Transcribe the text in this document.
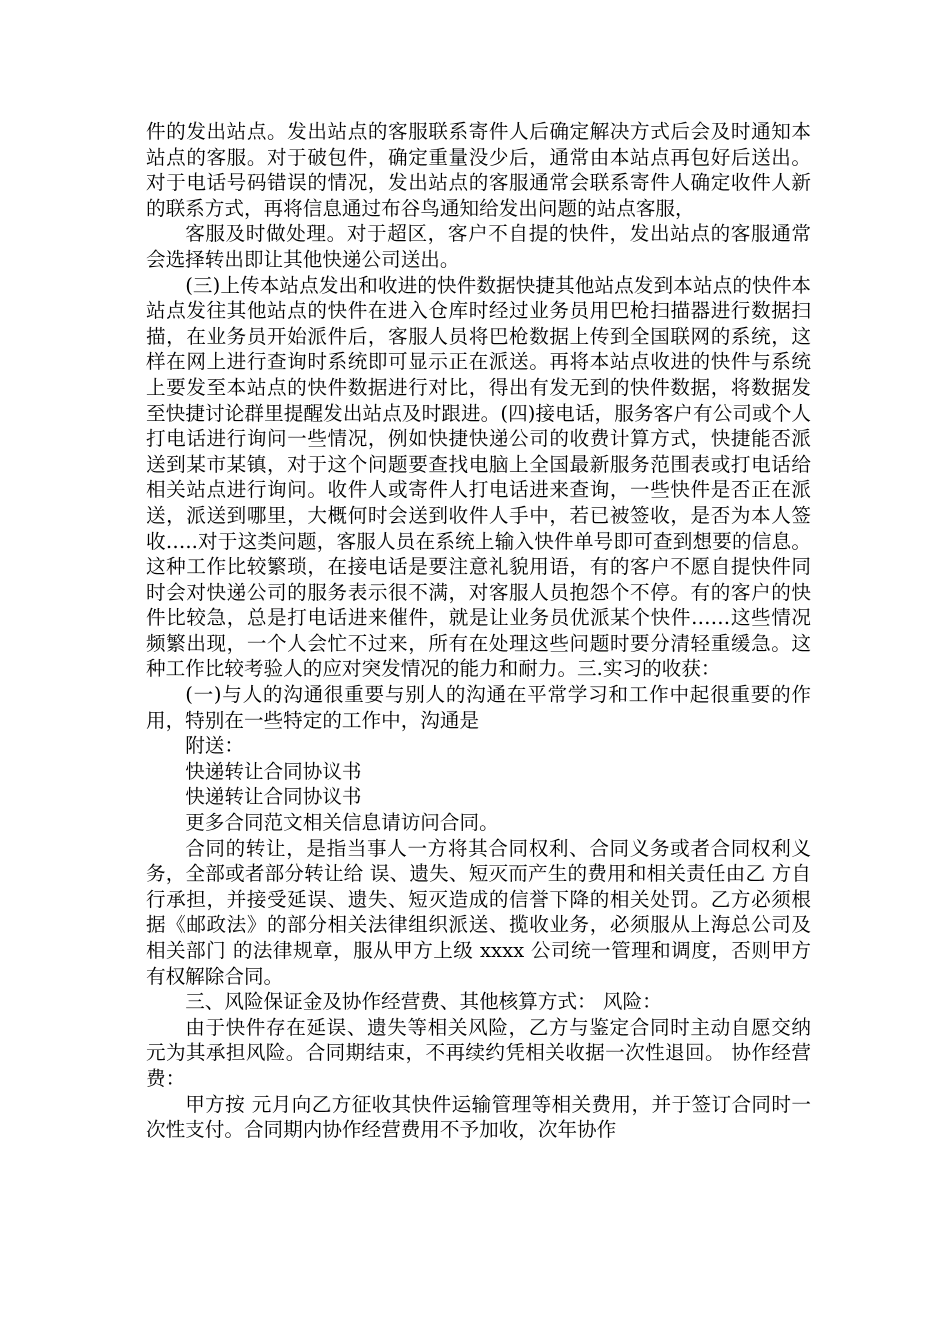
件的发出站点。发出站点的客服联系寄件人后确定解决方式后会及时通知本站点的客服。对于破包件，确定重量没少后，通常由本站点再包好后送出。对于电话号码错误的情况，发出站点的客服通常会联系寄件人确定收件人新的联系方式，再将信息通过布谷鸟通知给发出问题的站点客服，

客服及时做处理。对于超区，客户不自提的快件，发出站点的客服通常会选择转出即让其他快递公司送出。

(三)上传本站点发出和收进的快件数据快捷其他站点发到本站点的快件本站点发往其他站点的快件在进入仓库时经过业务员用巴枪扫描器进行数据扫描，在业务员开始派件后，客服人员将巴枪数据上传到全国联网的系统，这样在网上进行查询时系统即可显示正在派送。再将本站点收进的快件与系统上要发至本站点的快件数据进行对比，得出有发无到的快件数据，将数据发至快捷讨论群里提醒发出站点及时跟进。(四)接电话，服务客户有公司或个人打电话进行询问一些情况，例如快捷快递公司的收费计算方式，快捷能否派送到某市某镇，对于这个问题要查找电脑上全国最新服务范围表或打电话给相关站点进行询问。收件人或寄件人打电话进来查询，一些快件是否正在派送，派送到哪里，大概何时会送到收件人手中，若已被签收，是否为本人签收…..对于这类问题，客服人员在系统上输入快件单号即可查到想要的信息。这种工作比较繁琐，在接电话是要注意礼貌用语，有的客户不愿自提快件同时会对快递公司的服务表示很不满，对客服人员抱怨个不停。有的客户的快件比较急，总是打电话进来催件，就是让业务员优派某个快件……这些情况频繁出现，一个人会忙不过来，所有在处理这些问题时要分清轻重缓急。这种工作比较考验人的应对突发情况的能力和耐力。三.实习的收获：

(一)与人的沟通很重要与别人的沟通在平常学习和工作中起很重要的作用，特别在一些特定的工作中，沟通是

附送：

快递转让合同协议书

快递转让合同协议书

更多合同范文相关信息请访问合同。

合同的转让，是指当事人一方将其合同权利、合同义务或者合同权利义务，全部或者部分转让给 误、遗失、短灭而产生的费用和相关责任由乙 方自行承担，并接受延误、遗失、短灭造成的信誉下降的相关处罚。乙方必须根据《邮政法》的部分相关法律组织派送、揽收业务，必须服从上海总公司及相关部门 的法律规章，服从甲方上级 xxxx 公司统一管理和调度，否则甲方有权解除合同。

三、风险保证金及协作经营费、其他核算方式： 风险：

由于快件存在延误、遗失等相关风险，乙方与鉴定合同时主动自愿交纳 元为其承担风险。合同期结束，不再续约凭相关收据一次性退回。 协作经营费：

甲方按 元月向乙方征收其快件运输管理等相关费用，并于签订合同时一次性支付。合同期内协作经营费用不予加收，次年协作
